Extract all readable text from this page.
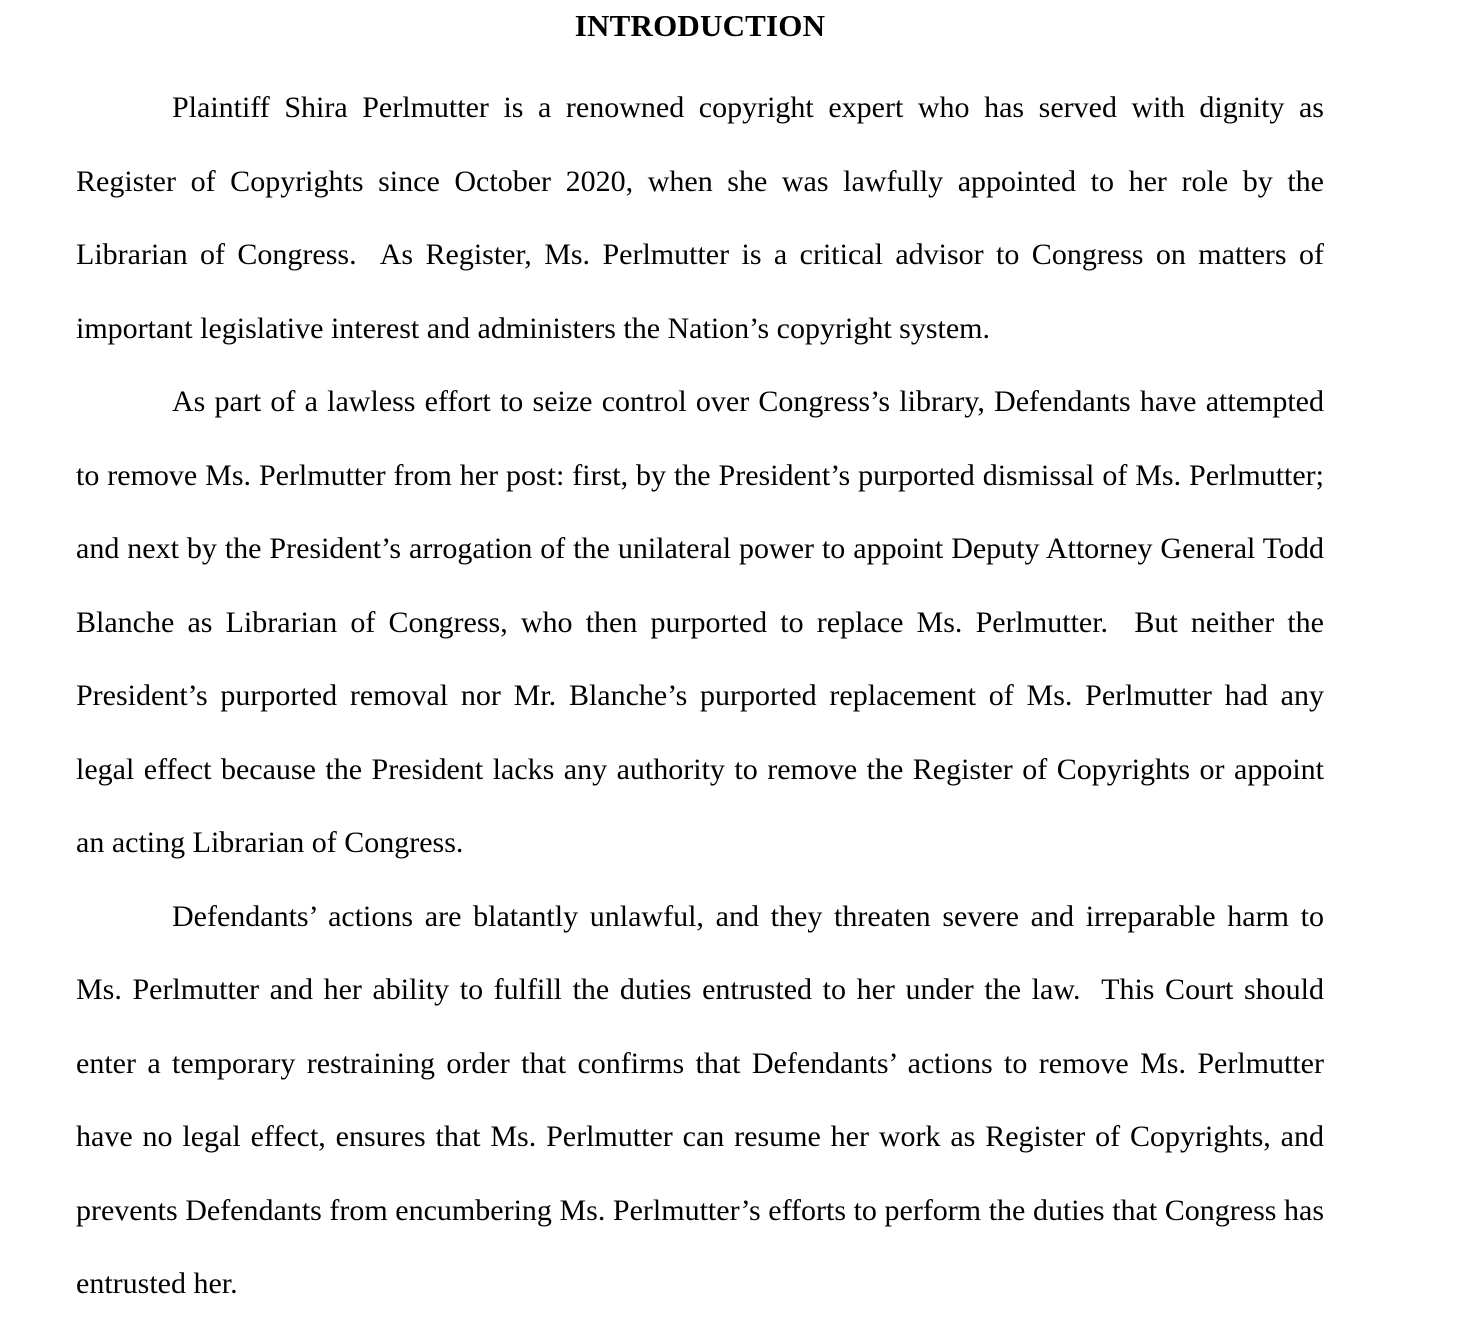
INTRODUCTION

Plaintiff Shira Perlmutter is a renowned copyright expert who has served with dignity as Register of Copyrights since October 2020, when she was lawfully appointed to her role by the Librarian of Congress.  As Register, Ms. Perlmutter is a critical advisor to Congress on matters of important legislative interest and administers the Nation’s copyright system.

As part of a lawless effort to seize control over Congress’s library, Defendants have attempted to remove Ms. Perlmutter from her post: first, by the President’s purported dismissal of Ms. Perlmutter; and next by the President’s arrogation of the unilateral power to appoint Deputy Attorney General Todd Blanche as Librarian of Congress, who then purported to replace Ms. Perlmutter.  But neither the President’s purported removal nor Mr. Blanche’s purported replacement of Ms. Perlmutter had any legal effect because the President lacks any authority to remove the Register of Copyrights or appoint an acting Librarian of Congress.

Defendants’ actions are blatantly unlawful, and they threaten severe and irreparable harm to Ms. Perlmutter and her ability to fulfill the duties entrusted to her under the law.  This Court should enter a temporary restraining order that confirms that Defendants’ actions to remove Ms. Perlmutter have no legal effect, ensures that Ms. Perlmutter can resume her work as Register of Copyrights, and prevents Defendants from encumbering Ms. Perlmutter’s efforts to perform the duties that Congress has entrusted her.
